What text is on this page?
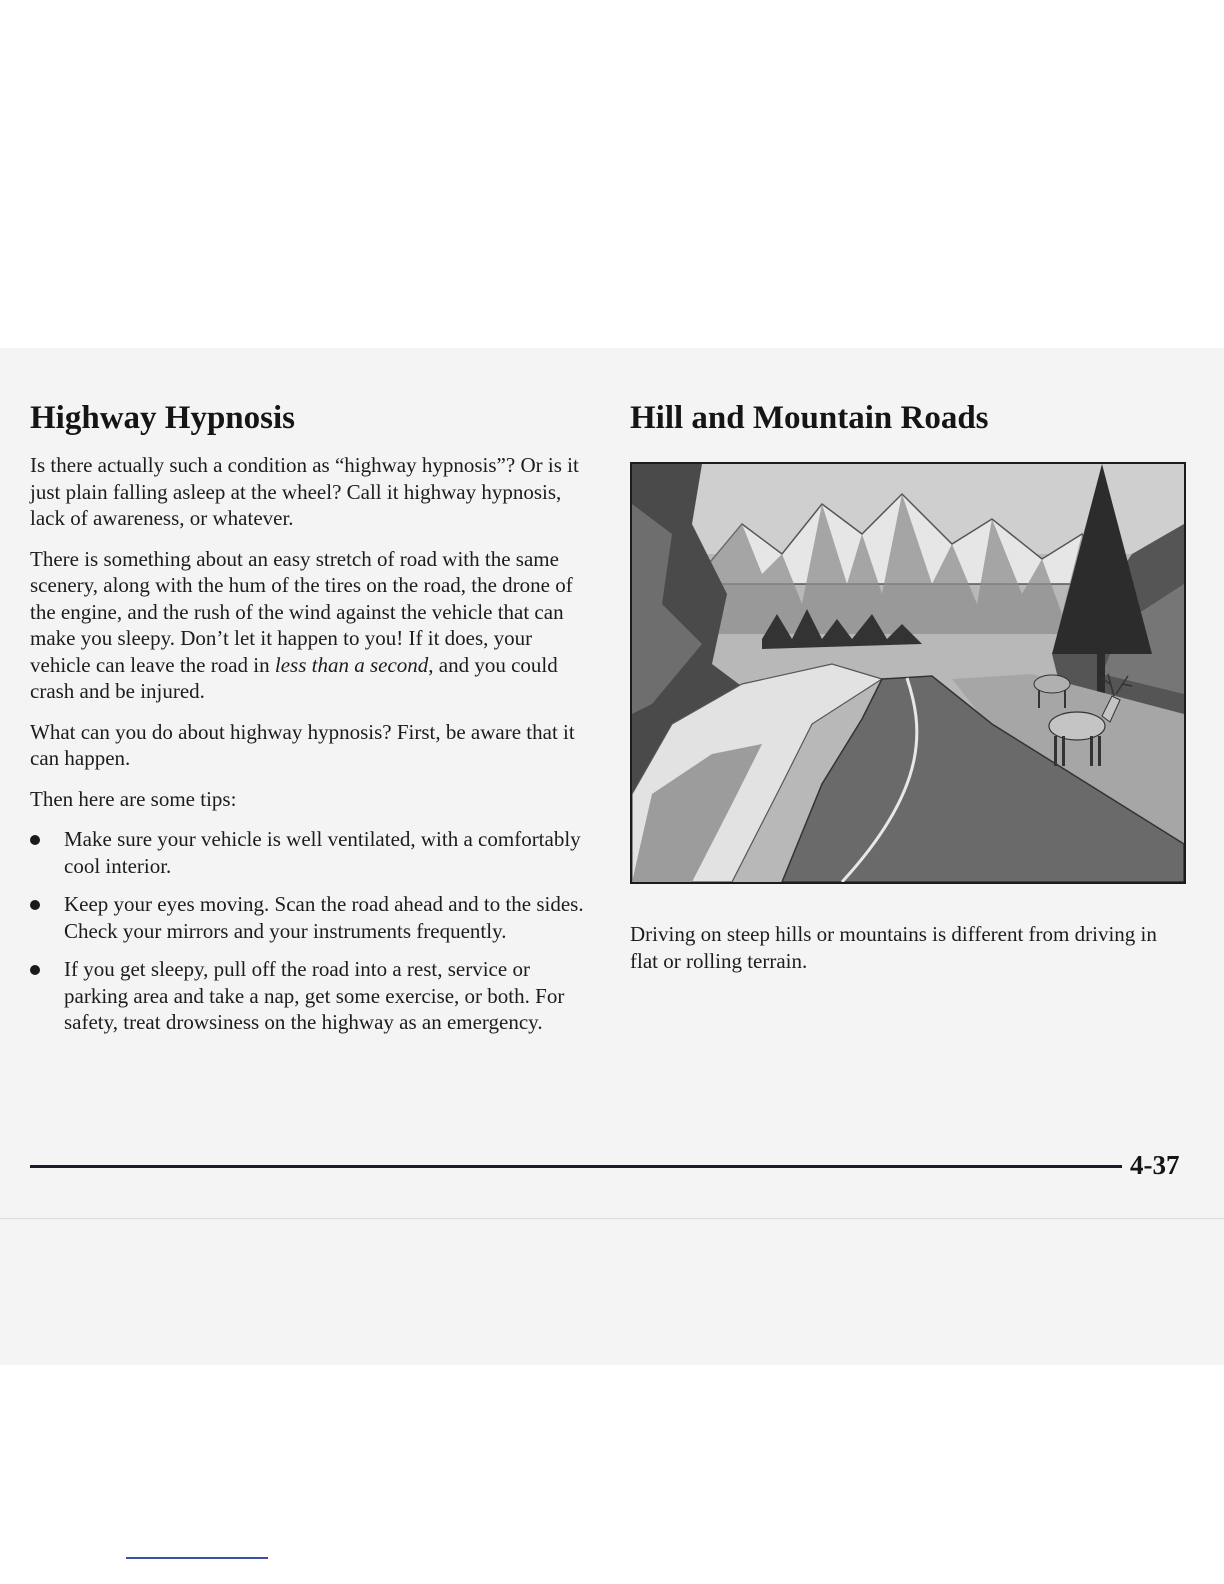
Highway Hypnosis

Is there actually such a condition as “highway hypnosis”? Or is it just plain falling asleep at the wheel? Call it highway hypnosis, lack of awareness, or whatever.

There is something about an easy stretch of road with the same scenery, along with the hum of the tires on the road, the drone of the engine, and the rush of the wind against the vehicle that can make you sleepy. Don’t let it happen to you! If it does, your vehicle can leave the road in less than a second, and you could crash and be injured.

What can you do about highway hypnosis? First, be aware that it can happen.

Then here are some tips:

Make sure your vehicle is well ventilated, with a comfortably cool interior.
Keep your eyes moving. Scan the road ahead and to the sides. Check your mirrors and your instruments frequently.
If you get sleepy, pull off the road into a rest, service or parking area and take a nap, get some exercise, or both. For safety, treat drowsiness on the highway as an emergency.
Hill and Mountain Roads

Driving on steep hills or mountains is different from driving in flat or rolling terrain.

4-37
